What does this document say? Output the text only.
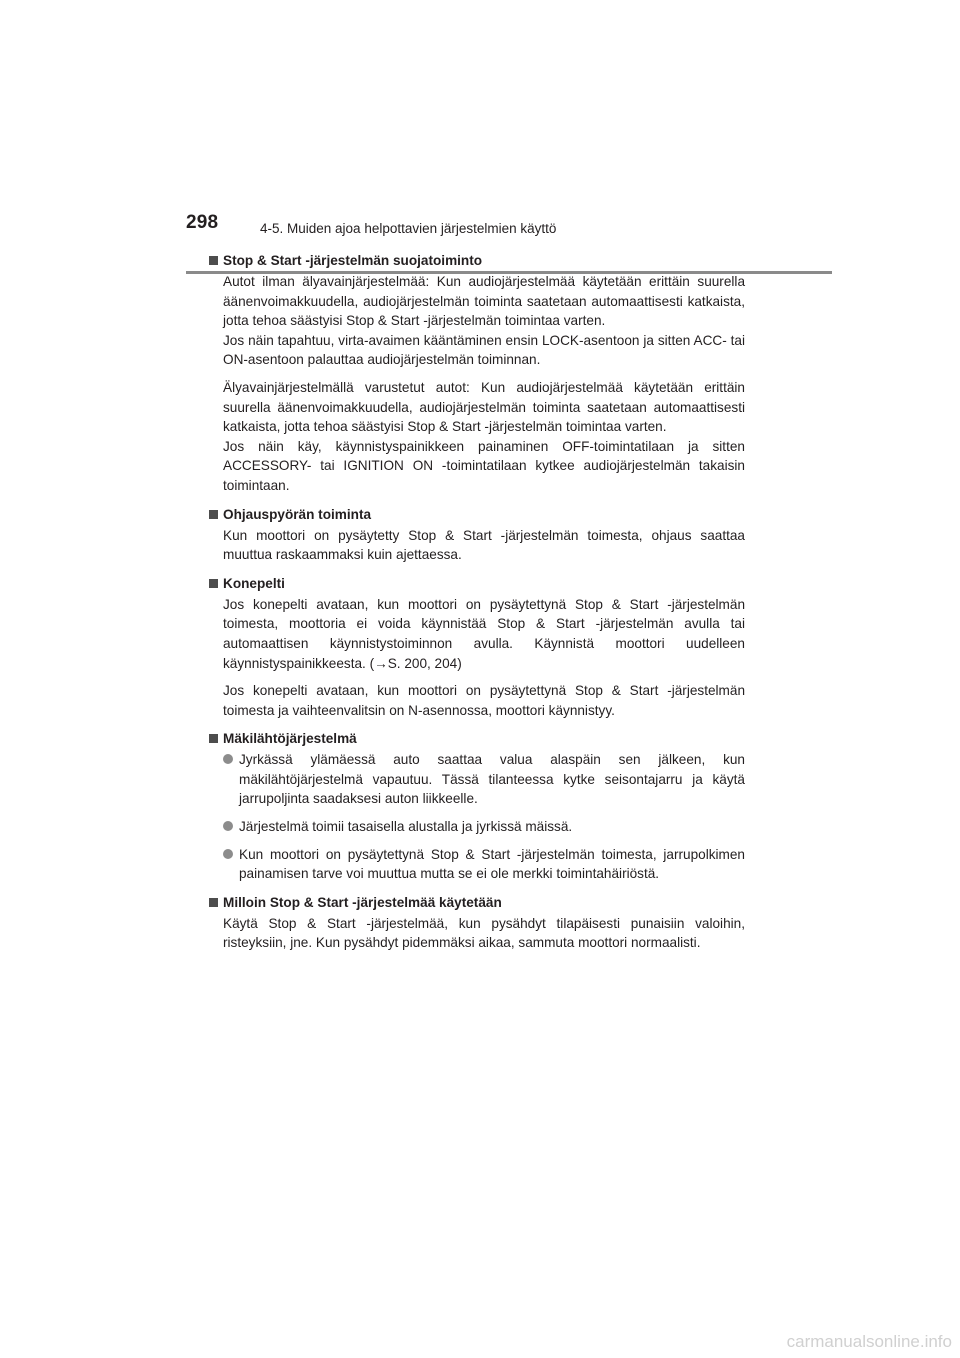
298	4-5. Muiden ajoa helpottavien järjestelmien käyttö
Stop & Start -järjestelmän suojatoiminto

Autot ilman älyavainjärjestelmää: Kun audiojärjestelmää käytetään erittäin suurella äänenvoimakkuudella, audiojärjestelmän toiminta saatetaan automaattisesti katkaista, jotta tehoa säästyisi Stop & Start -järjestelmän toimintaa varten.
Jos näin tapahtuu, virta-avaimen kääntäminen ensin LOCK-asentoon ja sitten ACC- tai ON-asentoon palauttaa audiojärjestelmän toiminnan.

Älyavainjärjestelmällä varustetut autot: Kun audiojärjestelmää käytetään erittäin suurella äänenvoimakkuudella, audiojärjestelmän toiminta saatetaan automaattisesti katkaista, jotta tehoa säästyisi Stop & Start -järjestelmän toimintaa varten.
Jos näin käy, käynnistyspainikkeen painaminen OFF-toimintatilaan ja sitten ACCESSORY- tai IGNITION ON -toimintatilaan kytkee audiojärjestelmän takaisin toimintaan.

Ohjauspyörän toiminta

Kun moottori on pysäytetty Stop & Start -järjestelmän toimesta, ohjaus saattaa muuttua raskaammaksi kuin ajettaessa.

Konepelti

Jos konepelti avataan, kun moottori on pysäytettynä Stop & Start -järjestelmän toimesta, moottoria ei voida käynnistää Stop & Start -järjestelmän avulla tai automaattisen käynnistystoiminnon avulla. Käynnistä moottori uudelleen käynnistyspainikkeesta. (→S. 200, 204)

Jos konepelti avataan, kun moottori on pysäytettynä Stop & Start -järjestelmän toimesta ja vaihteenvalitsin on N-asennossa, moottori käynnistyy.

Mäkilähtöjärjestelmä
Jyrkässä ylämäessä auto saattaa valua alaspäin sen jälkeen, kun mäkilähtöjärjestelmä vapautuu. Tässä tilanteessa kytke seisontajarru ja käytä jarrupoljinta saadaksesi auton liikkeelle.
Järjestelmä toimii tasaisella alustalla ja jyrkissä mäissä.
Kun moottori on pysäytettynä Stop & Start -järjestelmän toimesta, jarrupolkimen painamisen tarve voi muuttua mutta se ei ole merkki toimintahäiriöstä.
Milloin Stop & Start -järjestelmää käytetään

Käytä Stop & Start -järjestelmää, kun pysähdyt tilapäisesti punaisiin valoihin, risteyksiin, jne. Kun pysähdyt pidemmäksi aikaa, sammuta moottori normaalisti.

carmanualsonline.info
